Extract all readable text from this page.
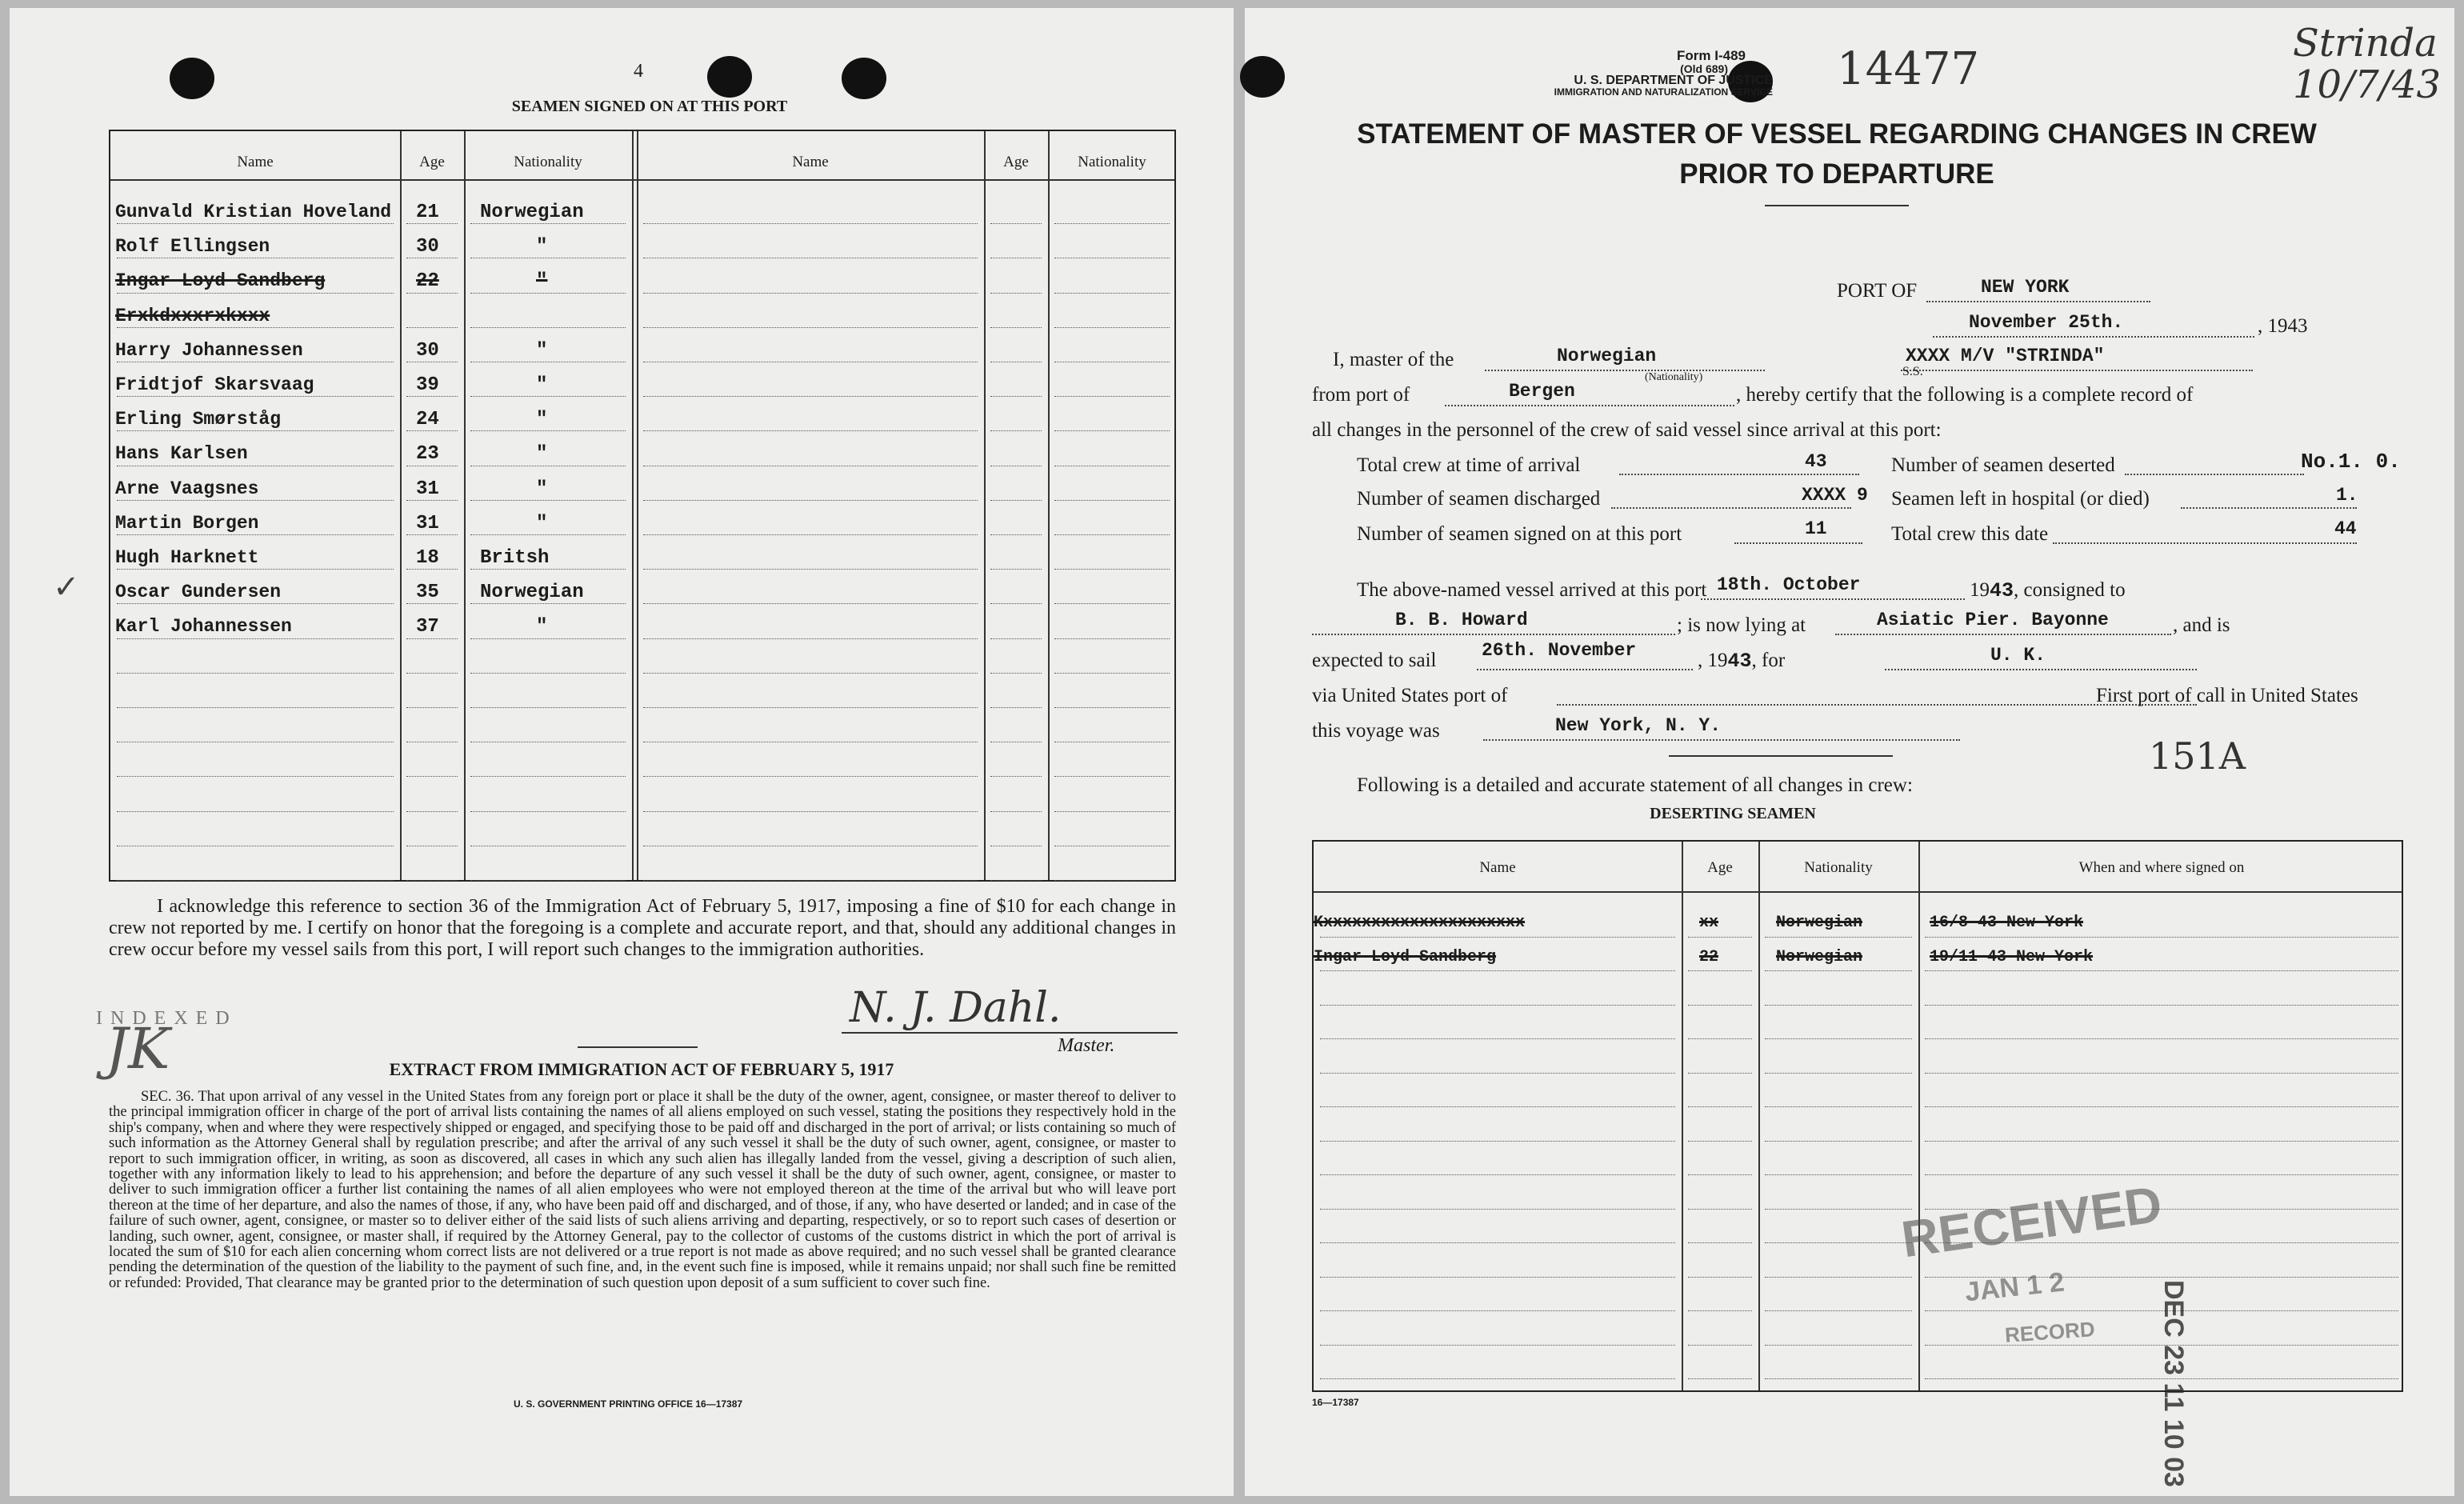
4
SEAMEN SIGNED ON AT THIS PORT
Name	Age	Nationality	Name	Age	Nationality
Gunvald Kristian Hoveland 21 Norwegian
Rolf Ellingsen	30	"
Ingar Loyd Sandberg	22	"
Erxkdxxxrxkxxx
Harry Johannessen	30	"
Fridtjof Skarsvaag	39	"
Erling Smørståg	24	"
Hans Karlsen	23	"
Arne Vaagsnes	31	"
Martin Borgen	31	"
Hugh Harknett	18 Britsh
Oscar Gundersen	35 Norwegian
Karl Johannessen	37	"
✓
I acknowledge this reference to section 36 of the Immigration Act of February 5, 1917, imposing a fine of $10 for each change in crew not reported by me. I certify on honor that the foregoing is a complete and accurate report, and that, should any additional changes in crew occur before my vessel sails from this port, I will report such changes to the immigration authorities.
INDEXED
JK
N. J. Dahl.
Master.
EXTRACT FROM IMMIGRATION ACT OF FEBRUARY 5, 1917
SEC. 36. That upon arrival of any vessel in the United States from any foreign port or place it shall be the duty of the owner, agent, consignee, or master thereof to deliver to the principal immigration officer in charge of the port of arrival lists containing the names of all aliens employed on such vessel, stating the positions they respectively hold in the ship's company, when and where they were respectively shipped or engaged, and specifying those to be paid off and discharged in the port of arrival; or lists containing so much of such information as the Attorney General shall by regulation prescribe; and after the arrival of any such vessel it shall be the duty of such owner, agent, consignee, or master to report to such immigration officer, in writing, as soon as discovered, all cases in which any such alien has illegally landed from the vessel, giving a description of such alien, together with any information likely to lead to his apprehension; and before the departure of any such vessel it shall be the duty of such owner, agent, consignee, or master to deliver to such immigration officer a further list containing the names of all alien employees who were not employed thereon at the time of the arrival but who will leave port thereon at the time of her departure, and also the names of those, if any, who have been paid off and discharged, and of those, if any, who have deserted or landed; and in case of the failure of such owner, agent, consignee, or master so to deliver either of the said lists of such aliens arriving and departing, respectively, or so to report such cases of desertion or landing, such owner, agent, consignee, or master shall, if required by the Attorney General, pay to the collector of customs of the customs district in which the port of arrival is located the sum of $10 for each alien concerning whom correct lists are not delivered or a true report is not made as above required; and no such vessel shall be granted clearance pending the determination of the question of the liability to the payment of such fine, and, in the event such fine is imposed, while it remains unpaid; nor shall such fine be remitted or refunded: Provided, That clearance may be granted prior to the determination of such question upon deposit of a sum sufficient to cover such fine.
U. S. GOVERNMENT PRINTING OFFICE 16—17387
Form I-489
(Old 689)
U. S. DEPARTMENT OF JUSTICE
IMMIGRATION AND NATURALIZATION SERVICE 14477	Strinda 10/7/43
STATEMENT OF MASTER OF VESSEL REGARDING CHANGES IN CREW
PRIOR TO DEPARTURE
PORT OF	NEW YORK
November 25th.	, 1943
I, master of the	Norwegian
(Nationality)	S.S.
XXXX M/V "STRINDA"
from port of	Bergen	, hereby certify that the following is a complete record of
all changes in the personnel of the crew of said vessel since arrival at this port:
Total crew at time of arrival	43	Number of seamen deserted	No.1. 0.
Number of seamen discharged	XXXX 9 Seamen left in hospital (or died)	1.
Number of seamen signed on at this port	11	Total crew this date	44
The above-named vessel arrived at this port 18th. October	1943, consigned to
B. B. Howard	; is now lying at	Asiatic Pier. Bayonne	, and is
expected to sail 26th. November	, 1943, for	U. K.
via United States port of	First port of call in United States
this voyage was	New York, N. Y.
151A
Following is a detailed and accurate statement of all changes in crew:
DESERTING SEAMEN
Name	Age	Nationality	When and where signed on
Kxxxxxxxxxxxxxxxxxxxxx	xx	Norwegian	16/8-43 New York
Ingar Loyd Sandberg	22	Norwegian	19/11-43 New York
RECEIVED
JAN 1 2
RECORD DEC 23 11 10 03
16—17387
